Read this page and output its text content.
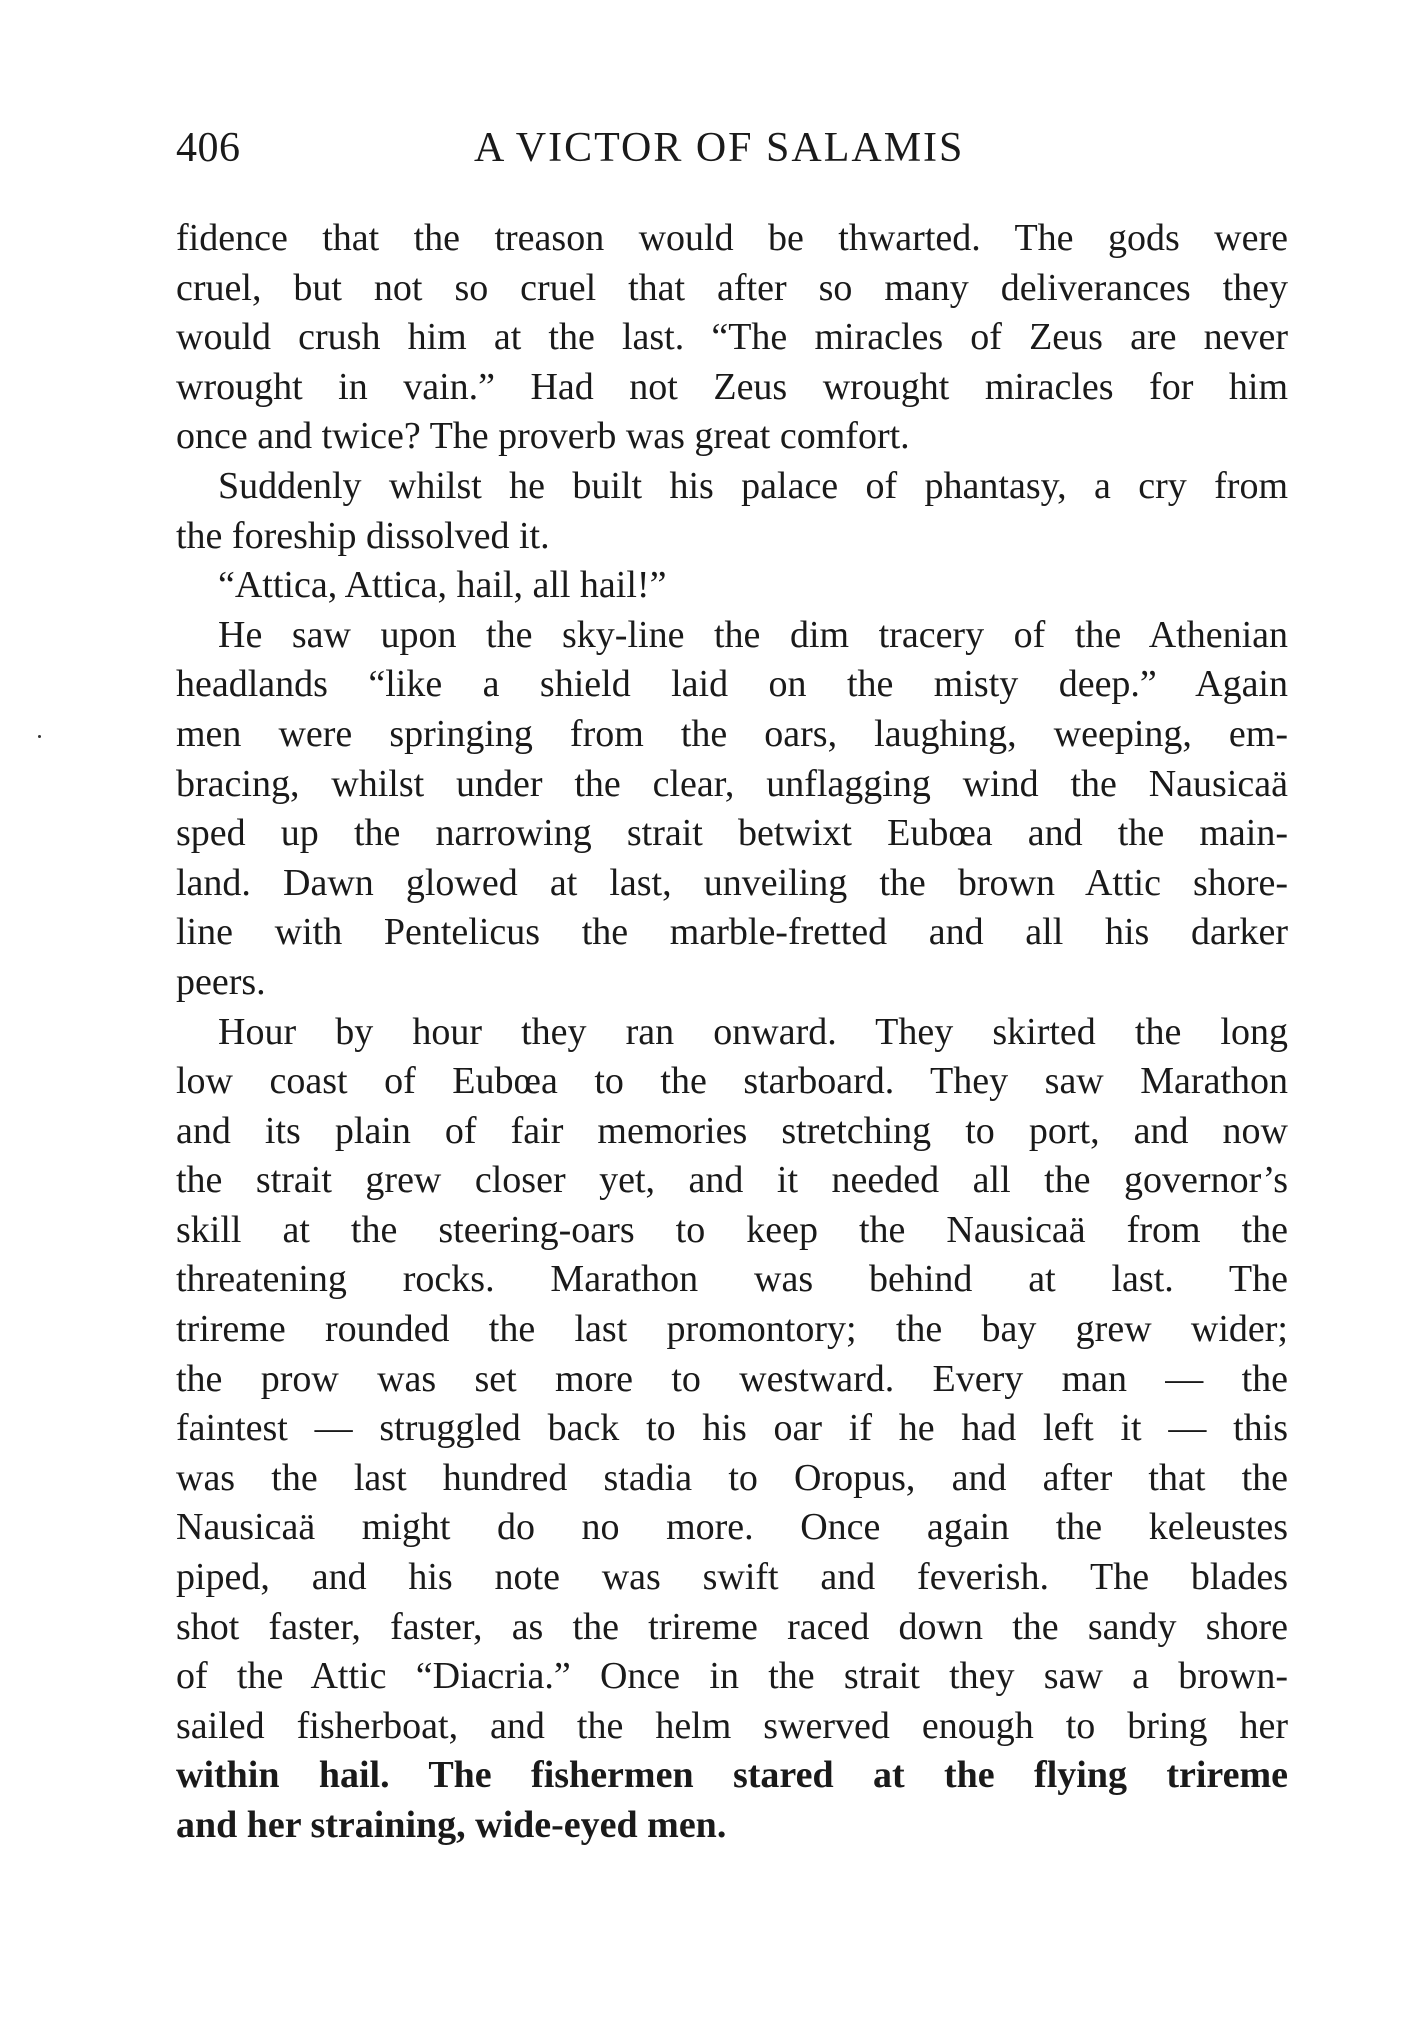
406	A VICTOR OF SALAMIS
fidence that the treason would be thwarted. The gods were
cruel, but not so cruel that after so many deliverances they
would crush him at the last. “The miracles of Zeus are never
wrought in vain.” Had not Zeus wrought miracles for him
once and twice? The proverb was great comfort.
Suddenly whilst he built his palace of phantasy, a cry from
the foreship dissolved it.
“Attica, Attica, hail, all hail!”
He saw upon the sky-line the dim tracery of the Athenian
headlands “like a shield laid on the misty deep.” Again
men were springing from the oars, laughing, weeping, em-
bracing, whilst under the clear, unflagging wind the Nausicaä
sped up the narrowing strait betwixt Eubœa and the main-
land. Dawn glowed at last, unveiling the brown Attic shore-
line with Pentelicus the marble-fretted and all his darker
peers.
Hour by hour they ran onward. They skirted the long
low coast of Eubœa to the starboard. They saw Marathon
and its plain of fair memories stretching to port, and now
the strait grew closer yet, and it needed all the governor’s
skill at the steering-oars to keep the Nausicaä from the
threatening rocks. Marathon was behind at last. The
trireme rounded the last promontory; the bay grew wider;
the prow was set more to westward. Every man — the
faintest — struggled back to his oar if he had left it — this
was the last hundred stadia to Oropus, and after that the
Nausicaä might do no more. Once again the keleustes
piped, and his note was swift and feverish. The blades
shot faster, faster, as the trireme raced down the sandy shore
of the Attic “Diacria.” Once in the strait they saw a brown-
sailed fisherboat, and the helm swerved enough to bring her
within hail. The fishermen stared at the flying trireme
and her straining, wide-eyed men.
